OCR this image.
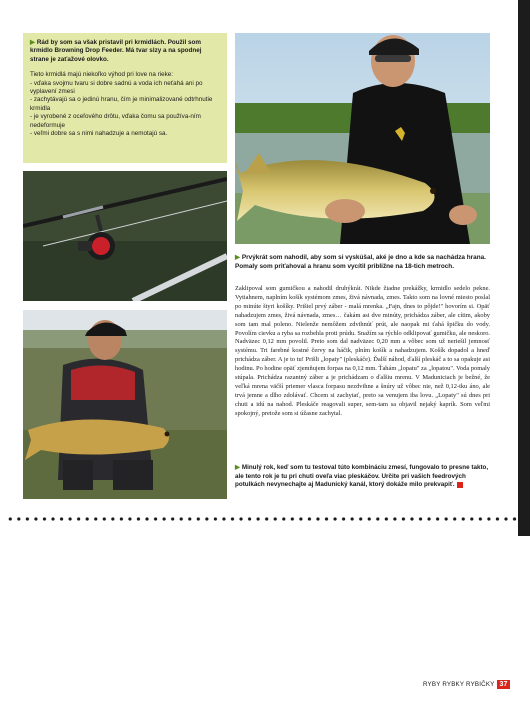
▶ Rád by som sa však pristavil pri krmidlách. Použil som krmidlo Browning Drop Feeder. Má tvar slzy a na spodnej strane je zaťažové olovko.

Tieto krmidlá majú niekoľko výhod pri love na rieke:

- vďaka svojmu tvaru si dobre sadnú a voda ich neťahá ani po vyplavení zmesi

- zachytávajú sa o jedinú hranu, čím je minimalizované odtrhnutie krmidla

- je vyrobené z oceľového drôtu, vďaka čomu sa používa-ním nedeformuje

- veľmi dobre sa s nimi nahadzuje a nemotajú sa.

▶ Prvýkrát som nahodil, aby som si vyskúšal, aké je dno a kde sa nachádza hrana. Pomaly som priťahoval a hranu som vycítil približne na 18-tich metroch.

Zaklipoval som gumičkou a nahodil druhýkrát. Nikde žiadne prekážky, krmidlo sedelo pekne. Vytiahnem, naplním košík systémom zmes, živá návnada, zmes. Takto som na lovné miesto poslal po minúte štyri košíky. Prišiel prvý záber - malá mrenka. „Fajn, dnes to pôjde!" hovorím si. Opäť nahadzujem zmes, živá návnada, zmes… čakám asi dve minúty, prichádza záber, ale cítim, akoby som tam mal poleno. Nielenže nemôžem zdvihnúť prút, ale naopak mi ťahá špičku do vody. Povolím cievku a ryba sa rozbehla proti prúdu. Snažím sa rýchlo odklipovať gumičku, ale neskoro. Nadväzec 0,12 mm povolil. Preto som dal nadväzec 0,20 mm a vôbec som už neriešil jemnosť systému. Tri farebné kostné červy na háčik, plním košík a nahadzujem. Košík dopadol a hneď prichádza záber. A je to tu! Prišli „lopaty" (pleskáče). Ďalší náhod, ďalší pleskáč a to sa opakuje asi hodinu. Po hodine opäť zjemňujem forpas na 0,12 mm. Ťahám „lopatu" za „lopatou". Voda pomaly stúpala. Prichádza razantný záber a je prichádzam o ďalšiu mrenu. V Maduniciach je bežné, že veľká mrena väčší priemer vlasca forpasu nezdvihne a šnúry už vôbec nie, než 0,12-tku áno, ale trvá jemne a dlho zdolávať. Chcem si zachytať, preto sa venujem iba lovu. „Lopaty" sú dnes pri chuti a idú na nahod. Pleskáče reagovali super, sem-tam sa objavil nejaký kaprík. Som veľmi spokojný, pretože som si úžasne zachytal.

▶ Minulý rok, keď som tu testoval túto kombináciu zmesí, fungovalo to presne takto, ale tento rok je tu pri chuti oveľa viac pleskáčov. Určite pri vašich feedrových potulkách nevynechajte aj Madunický kanál, ktorý dokáže milo prekvapiť.

RYBY RYBKY RYBIČKY 37
